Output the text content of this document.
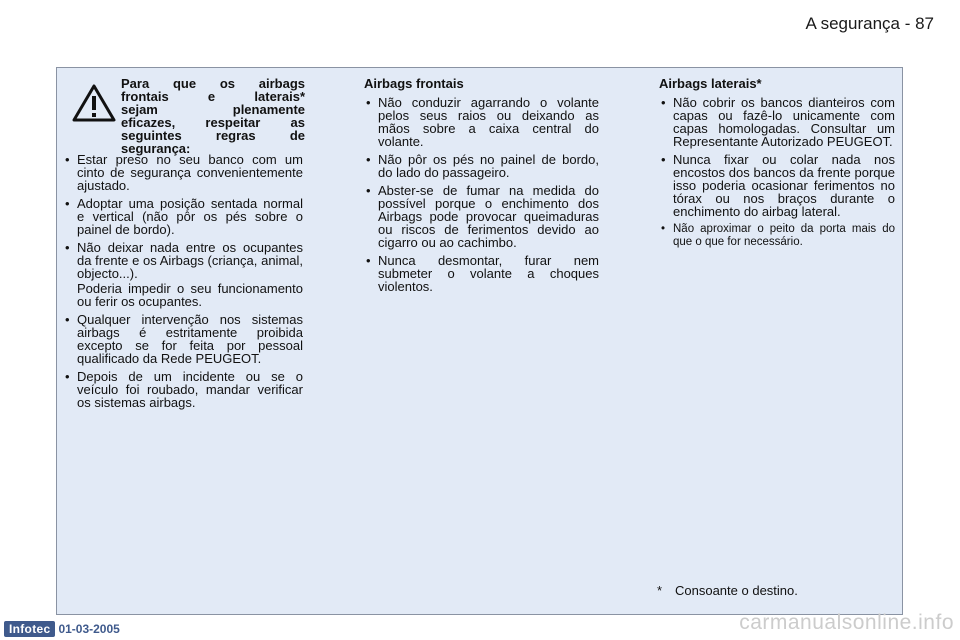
A segurança - 87
Para que os airbags
frontais e laterais*
sejam plenamente
eficazes, respeitar as
seguintes regras de
segurança:
• Estar preso no seu banco com um cinto de segurança convenientemente ajustado.
• Adoptar uma posição sentada normal e vertical (não pôr os pés sobre o painel de bordo).
• Não deixar nada entre os ocupantes da frente e os Airbags (criança, animal, objecto...).
Poderia impedir o seu funcionamento ou ferir os ocupantes.
• Qualquer intervenção nos sistemas airbags é estritamente proibida excepto se for feita por pessoal qualificado da Rede PEUGEOT.
• Depois de um incidente ou se o veículo foi roubado, mandar verificar os sistemas airbags.
Airbags frontais
• Não conduzir agarrando o volante pelos seus raios ou deixando as mãos sobre a caixa central do volante.
• Não pôr os pés no painel de bordo, do lado do passageiro.
• Abster-se de fumar na medida do possível porque o enchimento dos Airbags pode provocar queimaduras ou riscos de ferimentos devido ao cigarro ou ao cachimbo.
• Nunca desmontar, furar nem submeter o volante a choques violentos.
Airbags laterais*
• Não cobrir os bancos dianteiros com capas ou fazê-lo unicamente com capas homologadas. Consultar um Representante Autorizado PEUGEOT.
• Nunca fixar ou colar nada nos encostos dos bancos da frente porque isso poderia ocasionar ferimentos no tórax ou nos braços durante o enchimento do airbag lateral.
• Não aproximar o peito da porta mais do que o que for necessário.
* Consoante o destino.
Infotec 01-03-2005	carmanualsonline.info
